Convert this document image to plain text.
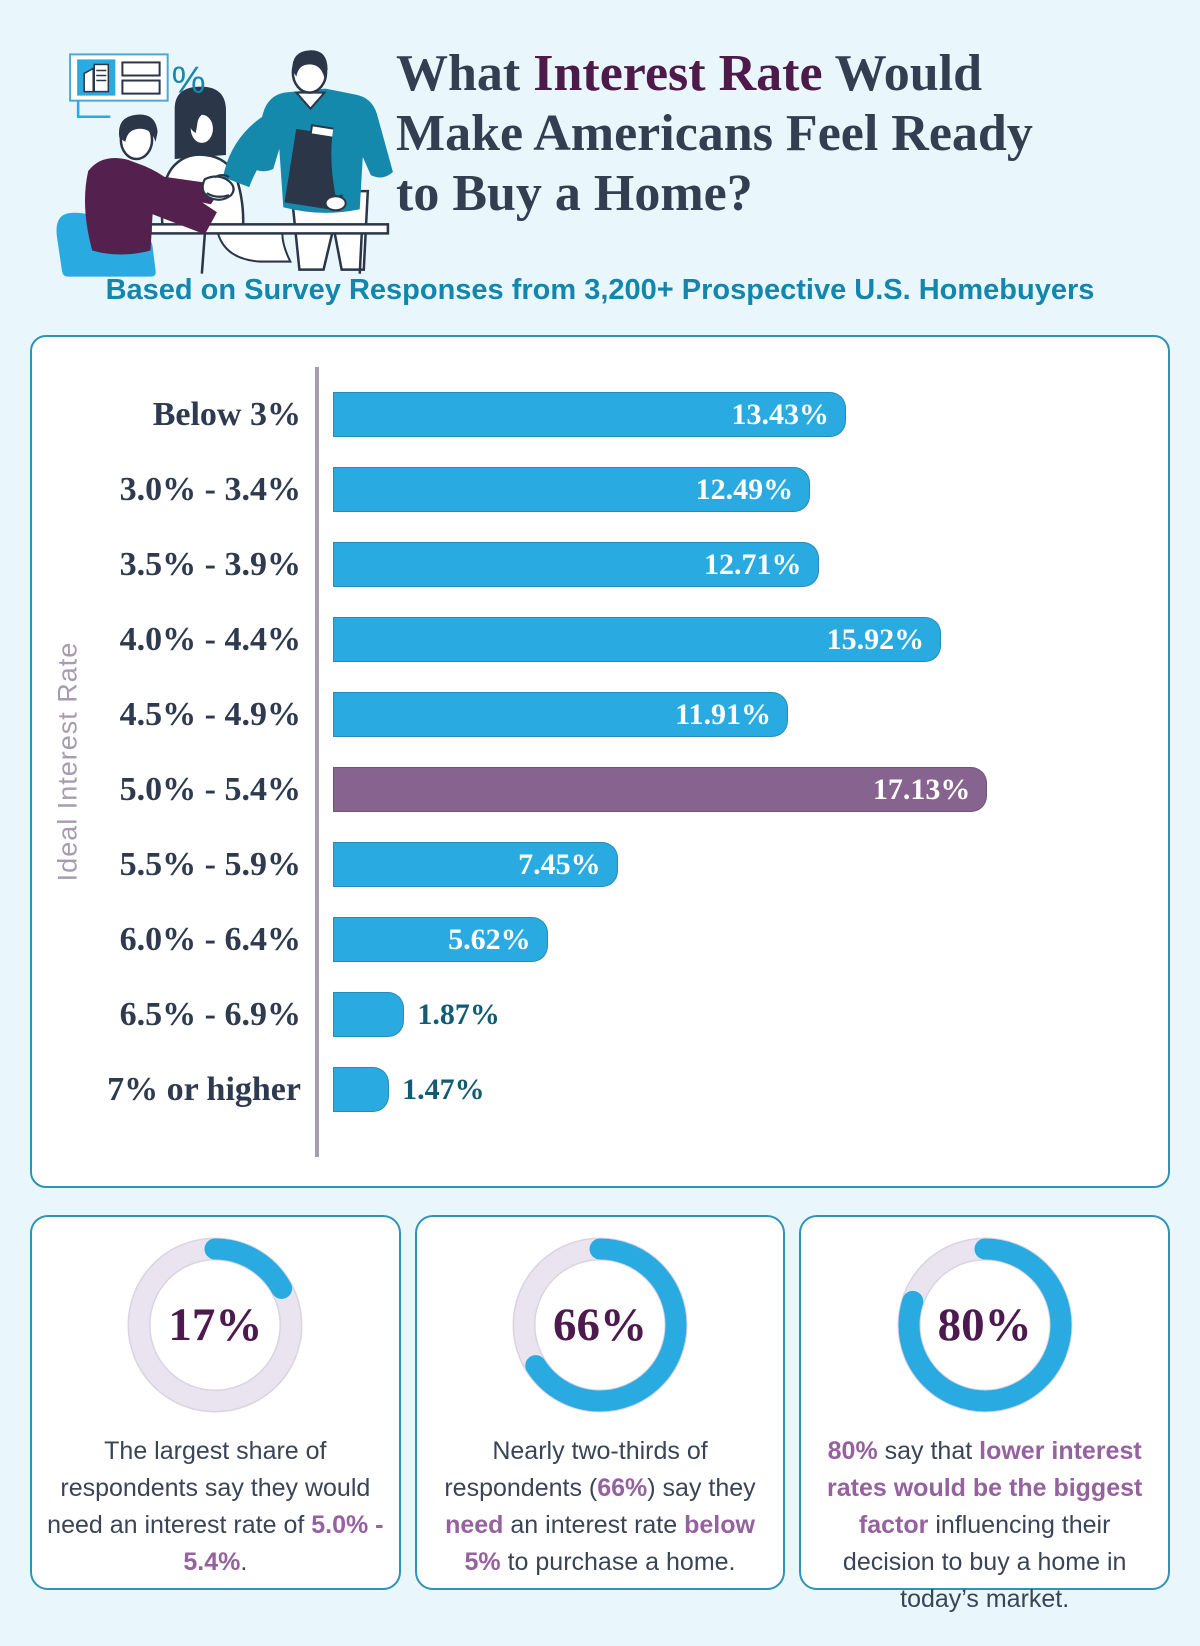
%	What Interest Rate Would
Make Americans Feel Ready
to Buy a Home?
Based on Survey Responses from 3,200+ Prospective U.S. Homebuyers
Ideal Interest Rate
Below 3%	13.43%
3.0% - 3.4%	12.49%
3.5% - 3.9%	12.71%
4.0% - 4.4%	15.92%
4.5% - 4.9%	11.91%
5.0% - 5.4%	17.13%
5.5% - 5.9%	7.45%
6.0% - 6.4%	5.62%
6.5% - 6.9%	1.87%
7% or higher	1.47%
17%
The largest share of respondents say they would need an interest rate of 5.0% - 5.4%.
66%
Nearly two-thirds of respondents (66%) say they need an interest rate below 5% to purchase a home.
80%
80% say that lower interest rates would be the biggest factor influencing their decision to buy a home in today’s market.
